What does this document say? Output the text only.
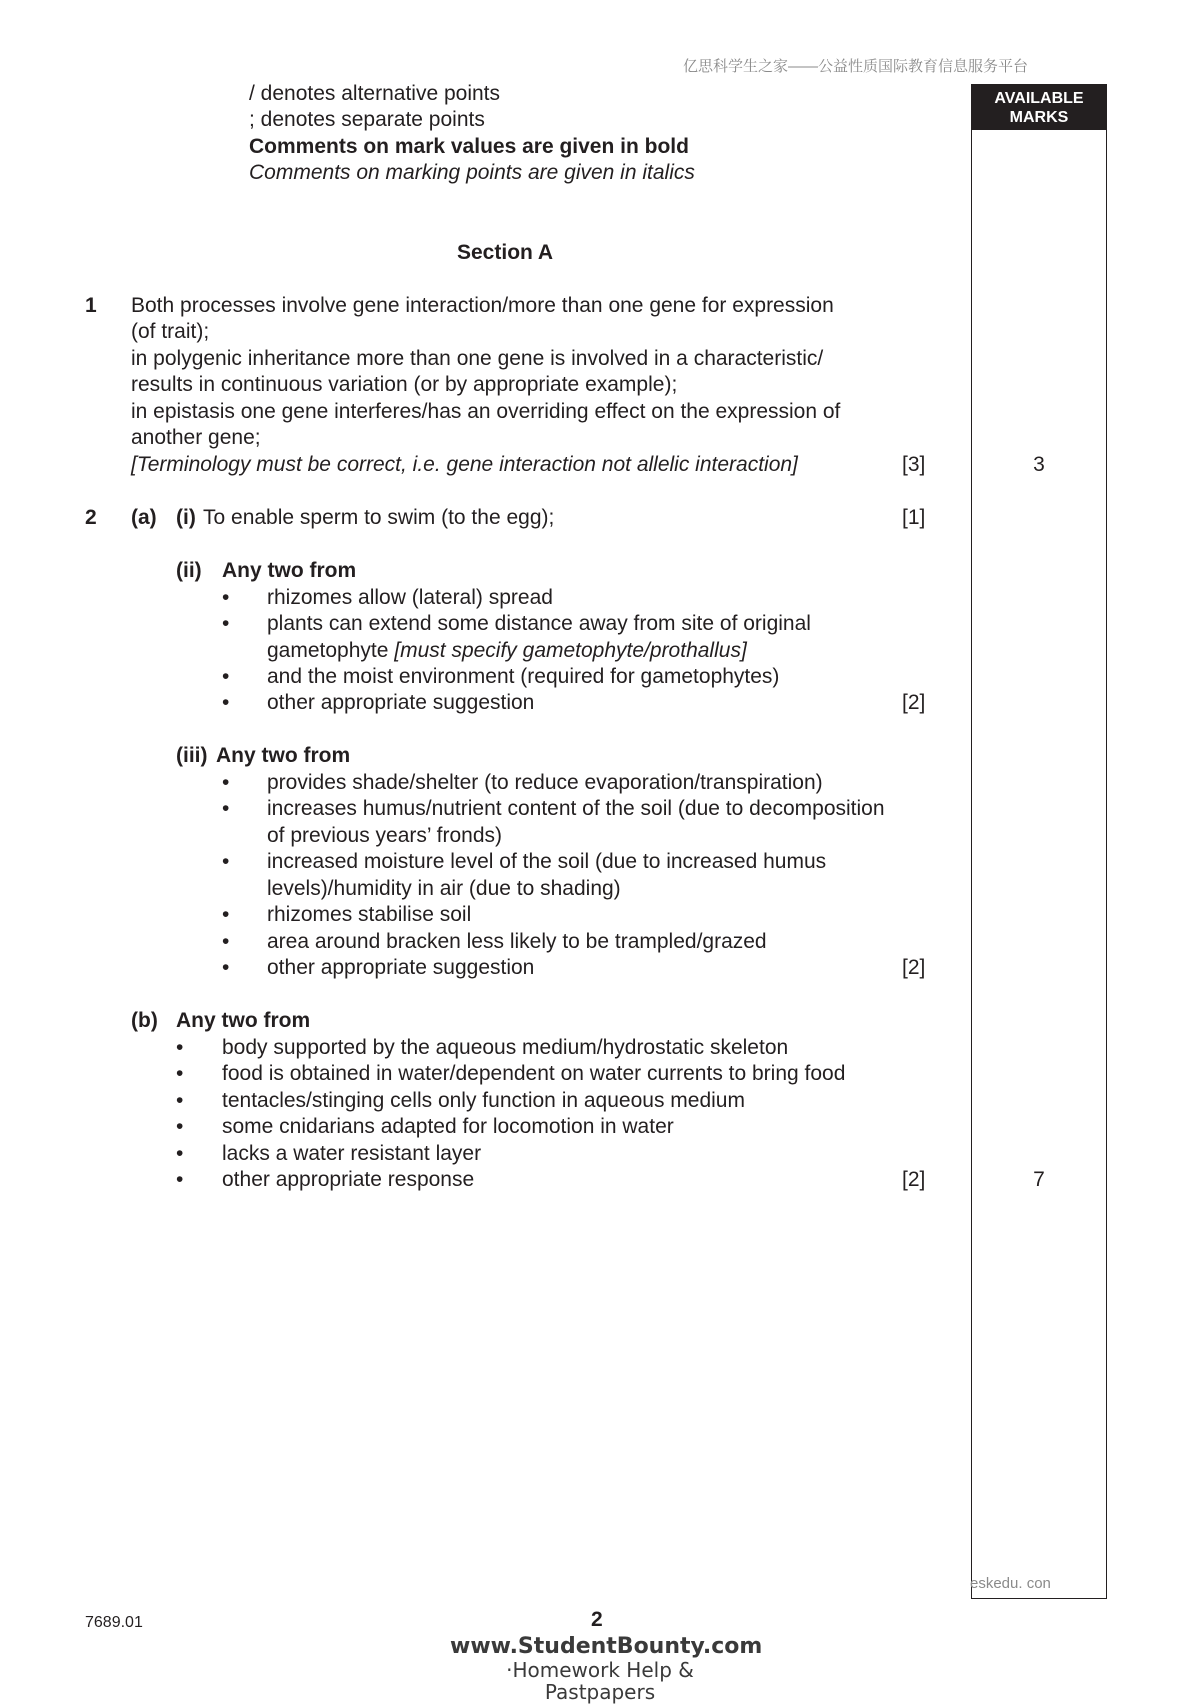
亿思科学生之家——公益性质国际教育信息服务平台
AVAILABLE MARKS
/ denotes alternative points
; denotes separate points
Comments on mark values are given in bold
Comments on marking points are given in italics
Section A
1 Both processes involve gene interaction/more than one gene for expression
(of trait);
in polygenic inheritance more than one gene is involved in a characteristic/
results in continuous variation (or by appropriate example);
in epistasis one gene interferes/has an overriding effect on the expression of
another gene;
[Terminology must be correct, i.e. gene interaction not allelic interaction]	[3]	3
2 (a) (i) To enable sperm to swim (to the egg);	[1]
(ii) Any two from
• rhizomes allow (lateral) spread
• plants can extend some distance away from site of original
gametophyte [must specify gametophyte/prothallus]
• and the moist environment (required for gametophytes)
• other appropriate suggestion	[2]
(iii) Any two from
• provides shade/shelter (to reduce evaporation/transpiration)
• increases humus/nutrient content of the soil (due to decomposition
of previous years’ fronds)
• increased moisture level of the soil (due to increased humus
levels)/humidity in air (due to shading)
• rhizomes stabilise soil
• area around bracken less likely to be trampled/grazed
• other appropriate suggestion	[2]
(b) Any two from
• body supported by the aqueous medium/hydrostatic skeleton
• food is obtained in water/dependent on water currents to bring food
• tentacles/stinging cells only function in aqueous medium
• some cnidarians adapted for locomotion in water
• lacks a water resistant layer
• other appropriate response	[2]	7
eskedu. con
7689.01	2
www.StudentBounty.com
·Homework Help & Pastpapers
